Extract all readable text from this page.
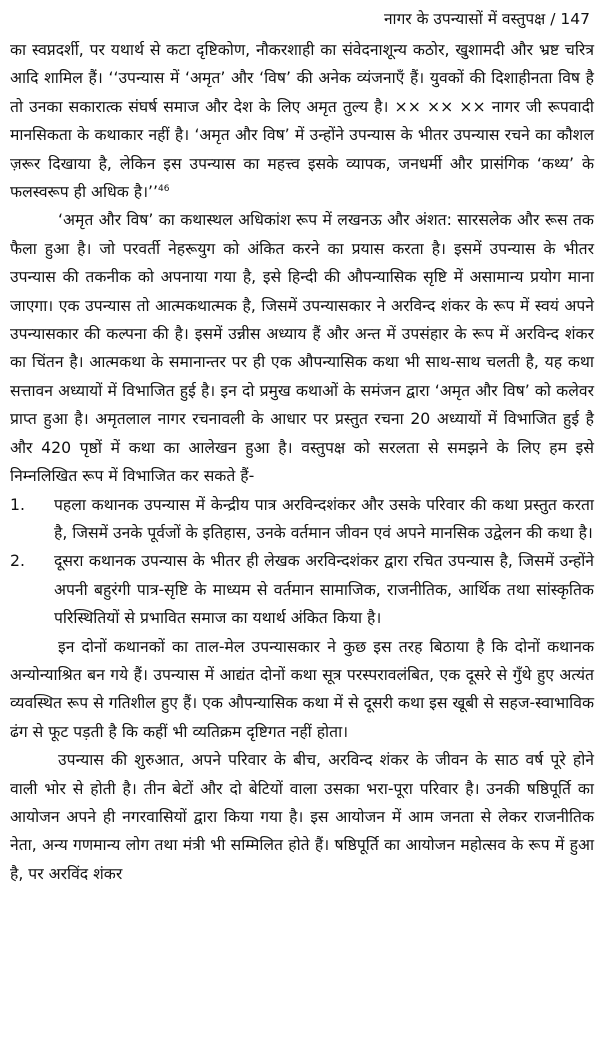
नागर के उपन्यासों में वस्तुपक्ष / 147

का स्वप्नदर्शी, पर यथार्थ से कटा दृष्टिकोण, नौकरशाही का संवेदनाशून्य कठोर, खुशामदी और भ्रष्ट चरित्र आदि शामिल हैं। ‘‘उपन्यास में ‘अमृत’ और ‘विष’ की अनेक व्यंजनाएँ हैं। युवकों की दिशाहीनता विष है तो उनका सकारात्क संघर्ष समाज और देश के लिए अमृत तुल्य है। ×× ×× ×× नागर जी रूपवादी मानसिकता के कथाकार नहीं है। ‘अमृत और विष’ में उन्होंने उपन्यास के भीतर उपन्यास रचने का कौशल ज़रूर दिखाया है, लेकिन इस उपन्यास का महत्त्व इसके व्यापक, जनधर्मी और प्रासंगिक ‘कथ्य’ के फलस्वरूप ही अधिक है।’’$^{46}$

‘अमृत और विष’ का कथास्थल अधिकांश रूप में लखनऊ और अंशत: सारसलेक और रूस तक फैला हुआ है। जो परवर्ती नेहरूयुग को अंकित करने का प्रयास करता है। इसमें उपन्यास के भीतर उपन्यास की तकनीक को अपनाया गया है, इसे हिन्दी की औपन्यासिक सृष्टि में असामान्य प्रयोग माना जाएगा। एक उपन्यास तो आत्मकथात्मक है, जिसमें उपन्यासकार ने अरविन्द शंकर के रूप में स्वयं अपने उपन्यासकार की कल्पना की है। इसमें उन्नीस अध्याय हैं और अन्त में उपसंहार के रूप में अरविन्द शंकर का चिंतन है। आत्मकथा के समानान्तर पर ही एक औपन्यासिक कथा भी साथ-साथ चलती है, यह कथा सत्तावन अध्यायों में विभाजित हुई है। इन दो प्रमुख कथाओं के समंजन द्वारा ‘अमृत और विष’ को कलेवर प्राप्त हुआ है। अमृतलाल नागर रचनावली के आधार पर प्रस्तुत रचना 20 अध्यायों में विभाजित हुई है और 420 पृष्ठों में कथा का आलेखन हुआ है। वस्तुपक्ष को सरलता से समझने के लिए हम इसे निम्नलिखित रूप में विभाजित कर सकते हैं-

1.	पहला कथानक उपन्यास में केन्द्रीय पात्र अरविन्दशंकर और उसके परिवार की कथा प्रस्तुत करता है, जिसमें उनके पूर्वजों के इतिहास, उनके वर्तमान जीवन एवं अपने मानसिक उद्वेलन की कथा है।
2.	दूसरा कथानक उपन्यास के भीतर ही लेखक अरविन्दशंकर द्वारा रचित उपन्यास है, जिसमें उन्होंने अपनी बहुरंगी पात्र-सृष्टि के माध्यम से वर्तमान सामाजिक, राजनीतिक, आर्थिक तथा सांस्कृतिक परिस्थितियों से प्रभावित समाज का यथार्थ अंकित किया है।

इन दोनों कथानकों का ताल-मेल उपन्यासकार ने कुछ इस तरह बिठाया है कि दोनों कथानक अन्योन्याश्रित बन गये हैं। उपन्यास में आद्यंत दोनों कथा सूत्र परस्परावलंबित, एक दूसरे से गुँथे हुए अत्यंत व्यवस्थित रूप से गतिशील हुए हैं। एक औपन्यासिक कथा में से दूसरी कथा इस खूबी से सहज-स्वाभाविक ढंग से फूट पड़ती है कि कहीं भी व्यतिक्रम दृष्टिगत नहीं होता।

उपन्यास की शुरुआत, अपने परिवार के बीच, अरविन्द शंकर के जीवन के साठ वर्ष पूरे होने वाली भोर से होती है। तीन बेटों और दो बेटियों वाला उसका भरा-पूरा परिवार है। उनकी षष्ठिपूर्ति का आयोजन अपने ही नगरवासियों द्वारा किया गया है। इस आयोजन में आम जनता से लेकर राजनीतिक नेता, अन्य गणमान्य लोग तथा मंत्री भी सम्मिलित होते हैं। षष्ठिपूर्ति का आयोजन महोत्सव के रूप में हुआ है, पर अरविंद शंकर
